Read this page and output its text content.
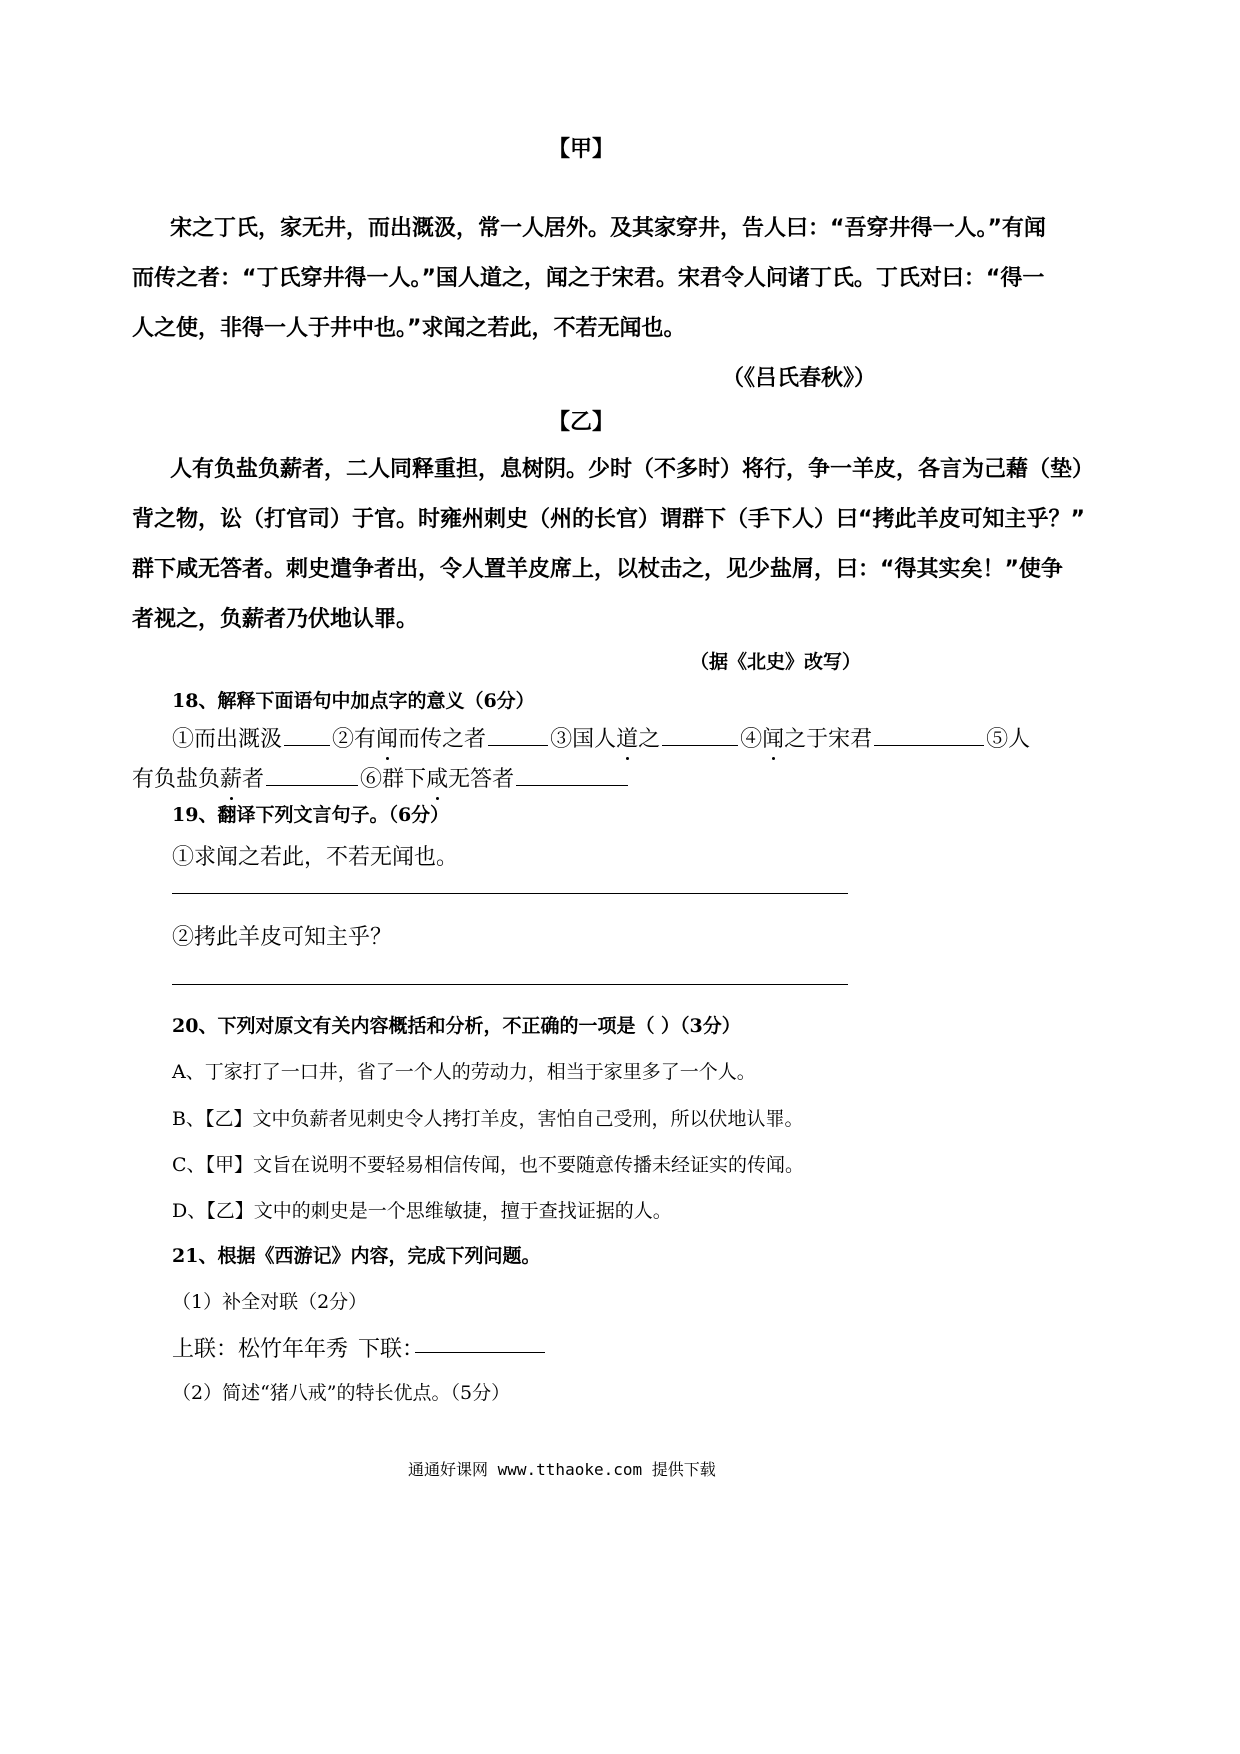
【甲】
宋之丁氏，家无井，而出溉汲，常一人居外。及其家穿井，告人曰：“吾穿井得一人。”有闻
而传之者：“丁氏穿井得一人。”国人道之，闻之于宋君。宋君令人问诸丁氏。丁氏对曰：“得一
人之使，非得一人于井中也。”求闻之若此，不若无闻也。
（《吕氏春秋》）
【乙】
人有负盐负薪者，二人同释重担，息树阴。少时（不多时）将行，争一羊皮，各言为己藉（垫）
背之物，讼（打官司）于官。时雍州刺史（州的长官）谓群下（手下人）曰“拷此羊皮可知主乎？”
群下咸无答者。刺史遣争者出，令人置羊皮席上，以杖击之，见少盐屑，曰：“得其实矣！”使争
者视之，负薪者乃伏地认罪。
（据《北史》改写）
18、解释下面语句中加点字的意义（6分）
①而出溉汲 ②有闻而传之者	③国人道之	④闻之于宋君	⑤人
有负盐负薪者	⑥群下咸无答者
19、翻译下列文言句子。（6分）
①求闻之若此，不若无闻也。
②拷此羊皮可知主乎？
20、下列对原文有关内容概括和分析，不正确的一项是（ ）（3分）
A、丁家打了一口井，省了一个人的劳动力，相当于家里多了一个人。
B、【乙】文中负薪者见刺史令人拷打羊皮，害怕自己受刑，所以伏地认罪。
C、【甲】文旨在说明不要轻易相信传闻，也不要随意传播未经证实的传闻。
D、【乙】文中的刺史是一个思维敏捷，擅于查找证据的人。
21、根据《西游记》内容，完成下列问题。
（1）补全对联（2分）
上联：松竹年年秀 下联：
（2）简述“猪八戒”的特长优点。（5分）
通通好课网 www.tthaoke.com 提供下载
